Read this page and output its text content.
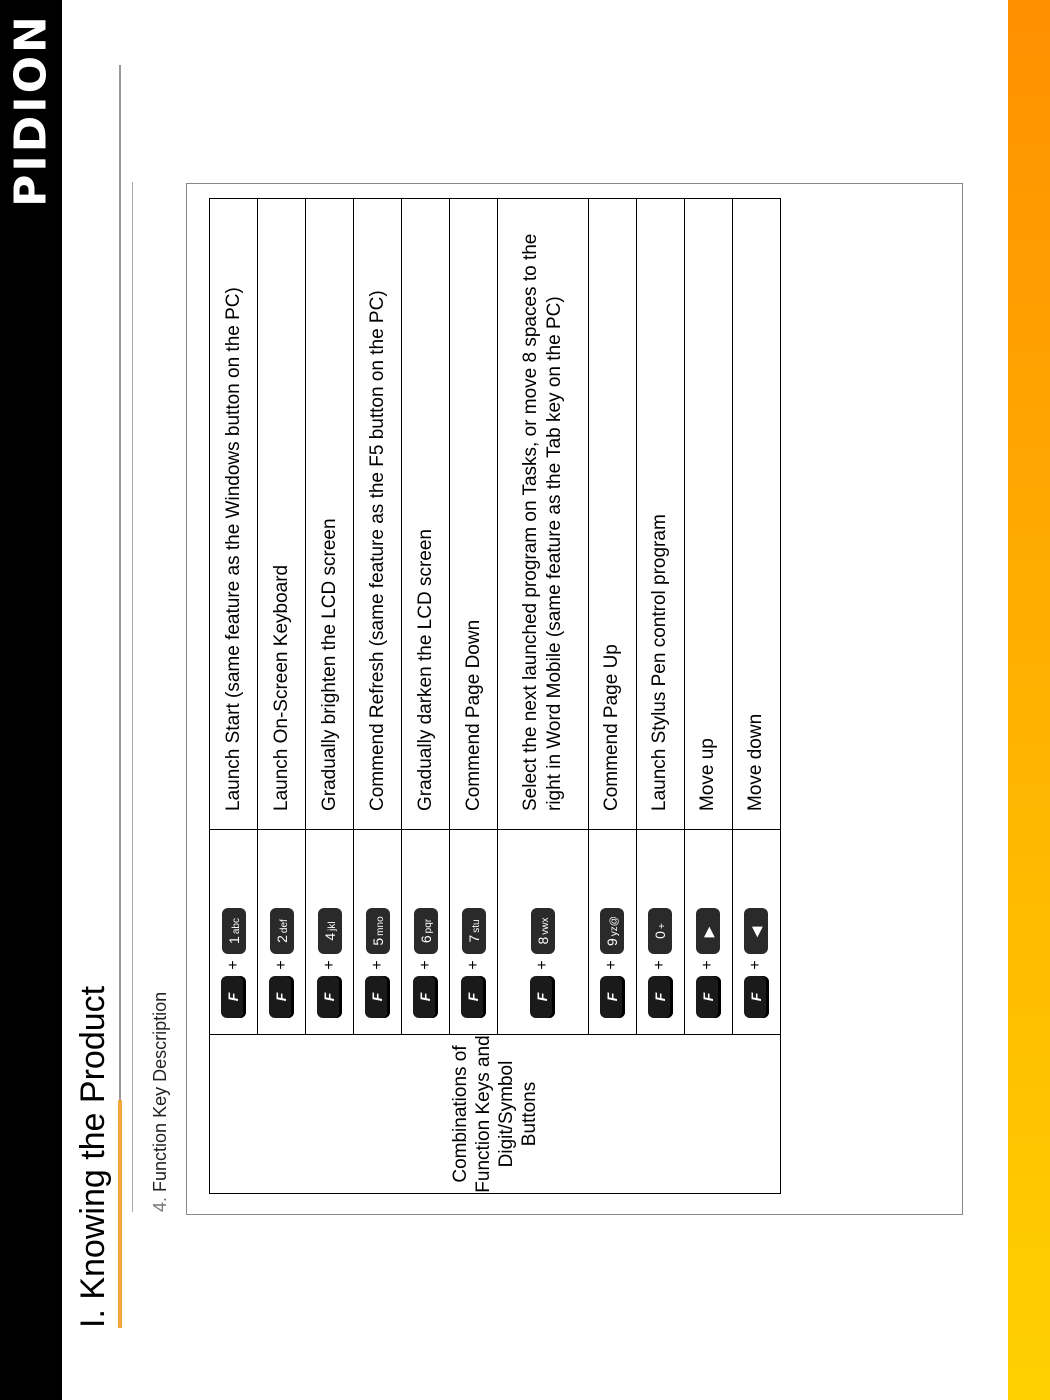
PIDION
I. Knowing the Product 4. Function Key Description	Combinations of Function Keys and Digit/Symbol Buttons	F+1abc	Launch Start (same feature as the Windows button on the PC)
	F+2def	Launch On-Screen Keyboard
	F+4jkl	Gradually brighten the LCD screen
	F+5mno	Commend Refresh (same feature as the F5 button on the PC)
	F+6pqr	Gradually darken the LCD screen
	F+7stu	Commend Page Down
	F+8vwx	Select the next launched program on Tasks, or move 8 spaces to the right in Word Mobile (same feature as the Tab key on the PC)
	F+9yz@	Commend Page Up
	F+0+	Launch Stylus Pen control program
	F+▶	Move up
	F+◀	Move down
